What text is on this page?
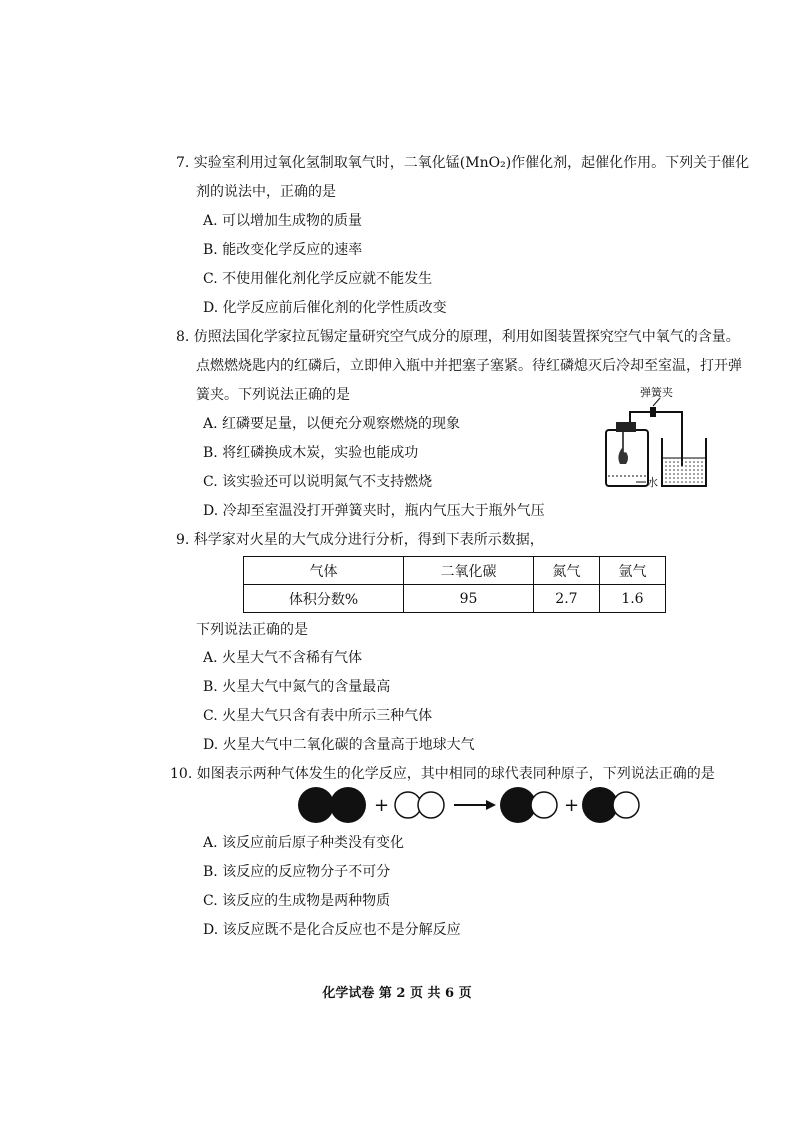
7. 实验室利用过氧化氢制取氧气时，二氧化锰(MnO₂)作催化剂，起催化作用。下列关于催化
剂的说法中，正确的是
A. 可以增加生成物的质量
B. 能改变化学反应的速率
C. 不使用催化剂化学反应就不能发生
D. 化学反应前后催化剂的化学性质改变
8. 仿照法国化学家拉瓦锡定量研究空气成分的原理，利用如图装置探究空气中氧气的含量。
点燃燃烧匙内的红磷后，立即伸入瓶中并把塞子塞紧。待红磷熄灭后冷却至室温，打开弹
簧夹。下列说法正确的是
A. 红磷要足量，以便充分观察燃烧的现象
B. 将红磷换成木炭，实验也能成功
C. 该实验还可以说明氮气不支持燃烧
D. 冷却至室温没打开弹簧夹时，瓶内气压大于瓶外气压
弹簧夹
水
9. 科学家对火星的大气成分进行分析，得到下表所示数据，
气体	二氧化碳	氮气	氩气
体积分数%	95	2.7	1.6
下列说法正确的是
A. 火星大气不含稀有气体
B. 火星大气中氮气的含量最高
C. 火星大气只含有表中所示三种气体
D. 火星大气中二氧化碳的含量高于地球大气
10. 如图表示两种气体发生的化学反应，其中相同的球代表同种原子，下列说法正确的是
+	+
A. 该反应前后原子种类没有变化
B. 该反应的反应物分子不可分
C. 该反应的生成物是两种物质
D. 该反应既不是化合反应也不是分解反应
化学试卷 第 2 页 共 6 页
